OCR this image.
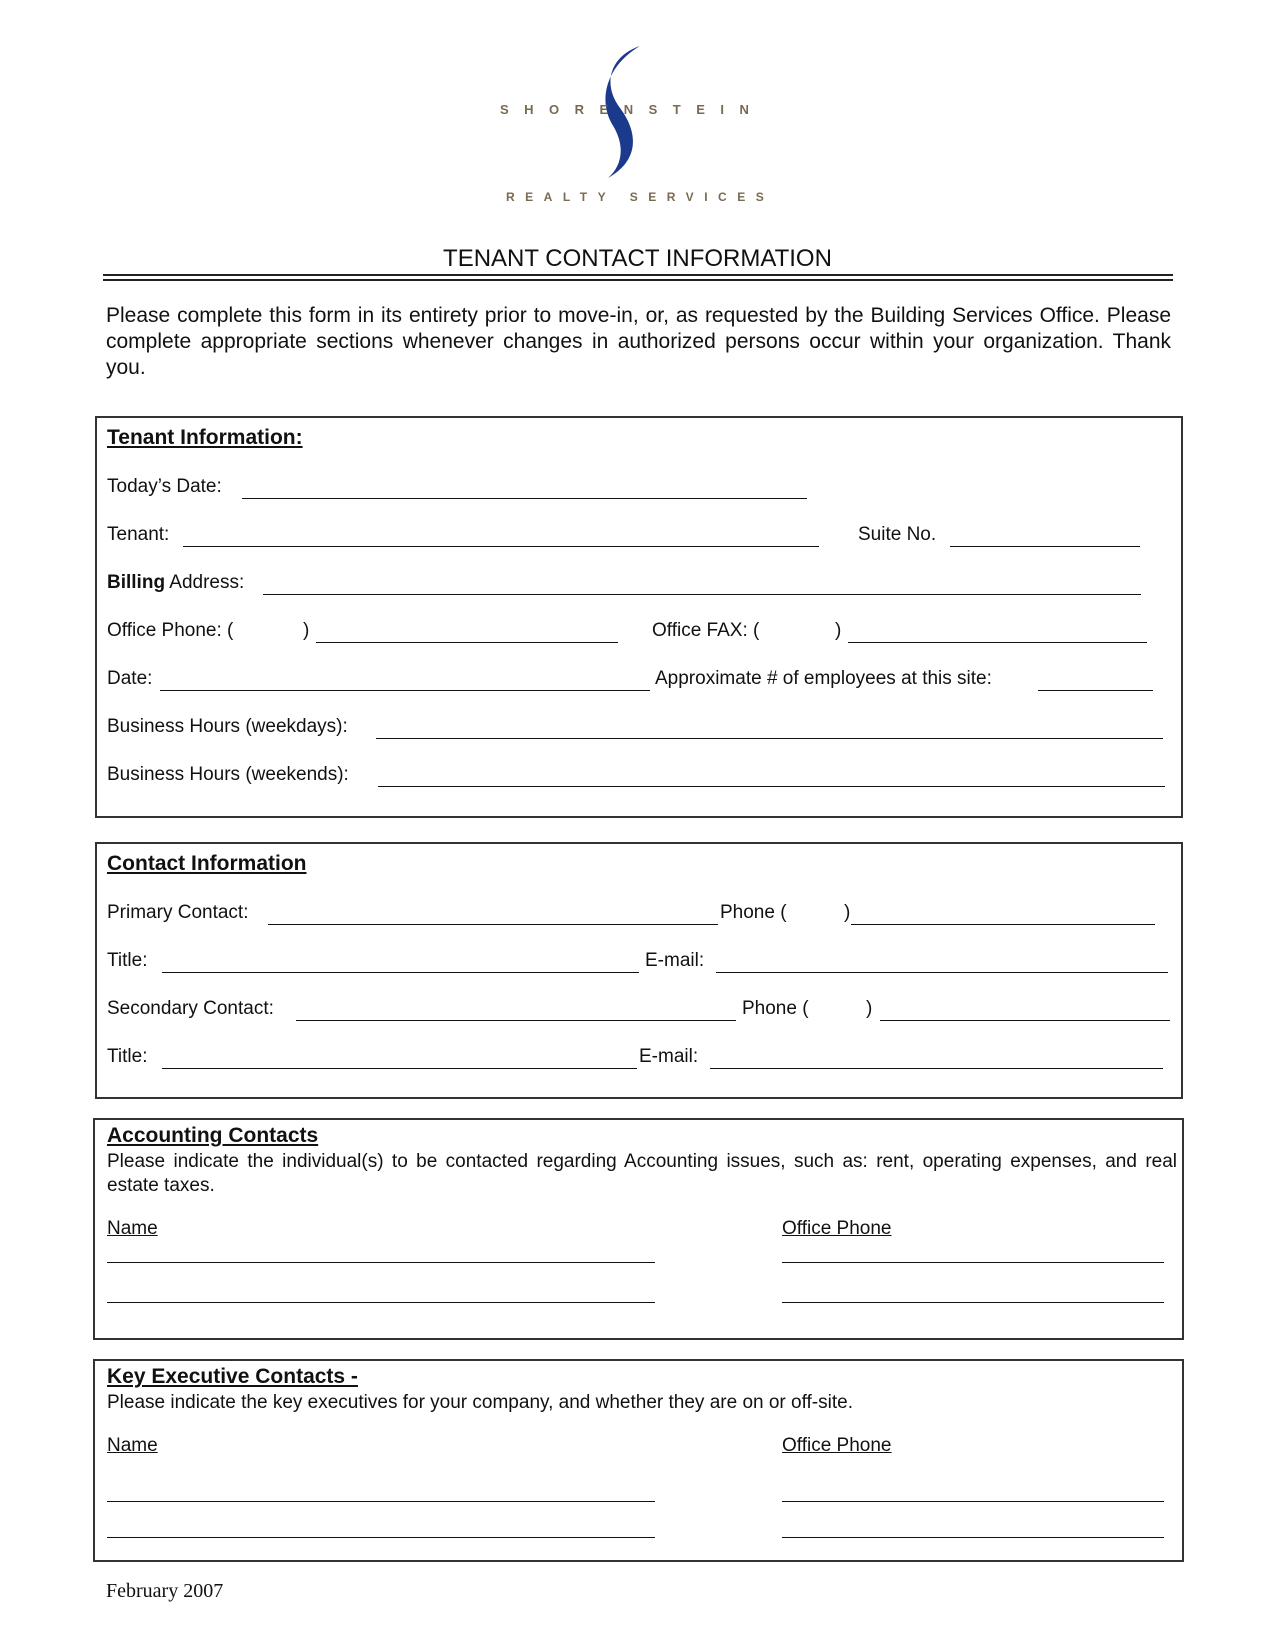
SHORENSTEIN
REALTY SERVICES
TENANT CONTACT INFORMATION
Please complete this form in its entirety prior to move-in, or, as requested by the Building Services Office. Please complete appropriate sections whenever changes in authorized persons occur within your organization. Thank you.
Tenant Information:
Today’s Date:
Tenant:	Suite No.
Billing Address:
Office Phone: (	)	Office FAX: (	)
Date:	Approximate # of employees at this site:
Business Hours (weekdays):
Business Hours (weekends):
Contact Information
Primary Contact:	Phone (	)
Title:	E-mail:
Secondary Contact:	Phone (	)
Title:	E-mail:
Accounting Contacts
Please indicate the individual(s) to be contacted regarding Accounting issues, such as: rent, operating expenses, and real estate taxes.
Name	Office Phone
Key Executive Contacts -
Please indicate the key executives for your company, and whether they are on or off-site.
Name	Office Phone
February 2007
